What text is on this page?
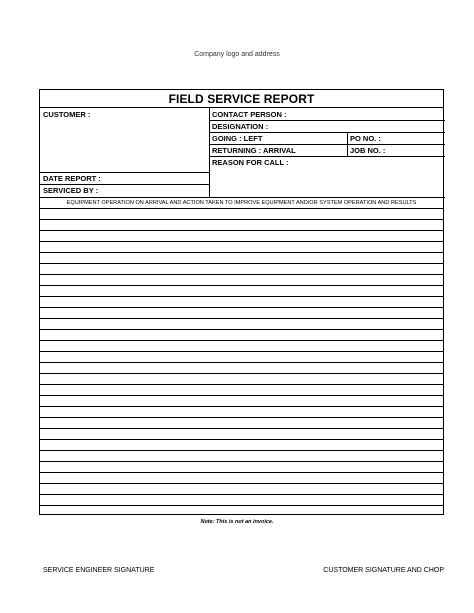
Company logo and address
FIELD SERVICE REPORT
CUSTOMER :	CONTACT PERSON :
DESIGNATION :
GOING : LEFT	PO NO. :
RETURNING : ARRIVAL	JOB NO. :
REASON FOR CALL :
DATE REPORT :
SERVICED BY :
EQUIPMENT OPERATION ON ARRIVAL AND ACTION TAKEN TO IMPROVE EQUIPMENT AND/OR SYSTEM OPERATION AND RESULTS
Note: This is not an invoice.
SERVICE ENGINEER SIGNATURE	CUSTOMER SIGNATURE AND CHOP
